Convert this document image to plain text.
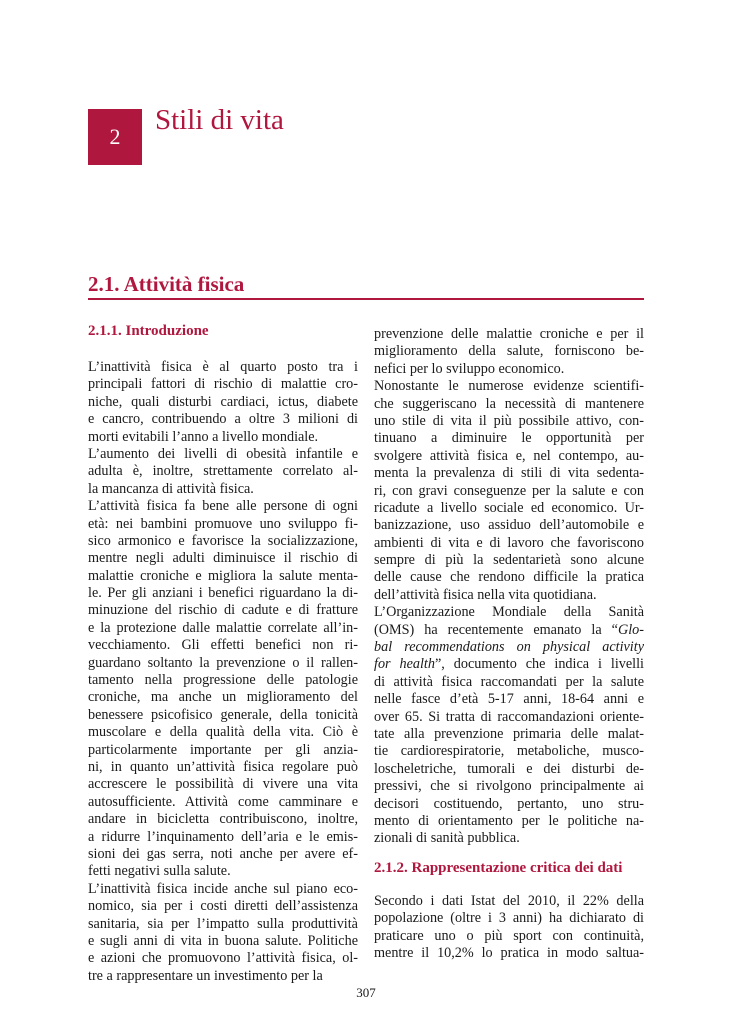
2
Stili di vita
2.1. Attività fisica
2.1.1. Introduzione
L’inattività fisica è al quarto posto tra i
principali fattori di rischio di malattie cro-
niche, quali disturbi cardiaci, ictus, diabete
e cancro, contribuendo a oltre 3 milioni di
morti evitabili l’anno a livello mondiale.
L’aumento dei livelli di obesità infantile e
adulta è, inoltre, strettamente correlato al-
la mancanza di attività fisica.
L’attività fisica fa bene alle persone di ogni
età: nei bambini promuove uno sviluppo fi-
sico armonico e favorisce la socializzazione,
mentre negli adulti diminuisce il rischio di
malattie croniche e migliora la salute menta-
le. Per gli anziani i benefici riguardano la di-
minuzione del rischio di cadute e di fratture
e la protezione dalle malattie correlate all’in-
vecchiamento. Gli effetti benefici non ri-
guardano soltanto la prevenzione o il rallen-
tamento nella progressione delle patologie
croniche, ma anche un miglioramento del
benessere psicofisico generale, della tonicità
muscolare e della qualità della vita. Ciò è
particolarmente importante per gli anzia-
ni, in quanto un’attività fisica regolare può
accrescere le possibilità di vivere una vita
autosufficiente. Attività come camminare e
andare in bicicletta contribuiscono, inoltre,
a ridurre l’inquinamento dell’aria e le emis-
sioni dei gas serra, noti anche per avere ef-
fetti negativi sulla salute.
L’inattività fisica incide anche sul piano eco-
nomico, sia per i costi diretti dell’assistenza
sanitaria, sia per l’impatto sulla produttività
e sugli anni di vita in buona salute. Politiche
e azioni che promuovono l’attività fisica, ol-
tre a rappresentare un investimento per la
prevenzione delle malattie croniche e per il
miglioramento della salute, forniscono be-
nefici per lo sviluppo economico.
Nonostante le numerose evidenze scientifi-
che suggeriscano la necessità di mantenere
uno stile di vita il più possibile attivo, con-
tinuano a diminuire le opportunità per
svolgere attività fisica e, nel contempo, au-
menta la prevalenza di stili di vita sedenta-
ri, con gravi conseguenze per la salute e con
ricadute a livello sociale ed economico. Ur-
banizzazione, uso assiduo dell’automobile e
ambienti di vita e di lavoro che favoriscono
sempre di più la sedentarietà sono alcune
delle cause che rendono difficile la pratica
dell’attività fisica nella vita quotidiana.
L’Organizzazione Mondiale della Sanità
(OMS) ha recentemente emanato la “Glo-
bal recommendations on physical activity
for health”, documento che indica i livelli
di attività fisica raccomandati per la salute
nelle fasce d’età 5-17 anni, 18-64 anni e
over 65. Si tratta di raccomandazioni oriente-
tate alla prevenzione primaria delle malat-
tie cardiorespiratorie, metaboliche, musco-
loscheletriche, tumorali e dei disturbi de-
pressivi, che si rivolgono principalmente ai
decisori costituendo, pertanto, uno stru-
mento di orientamento per le politiche na-
zionali di sanità pubblica.
2.1.2. Rappresentazione critica dei dati
Secondo i dati Istat del 2010, il 22% della
popolazione (oltre i 3 anni) ha dichiarato di
praticare uno o più sport con continuità,
mentre il 10,2% lo pratica in modo saltua-
307
